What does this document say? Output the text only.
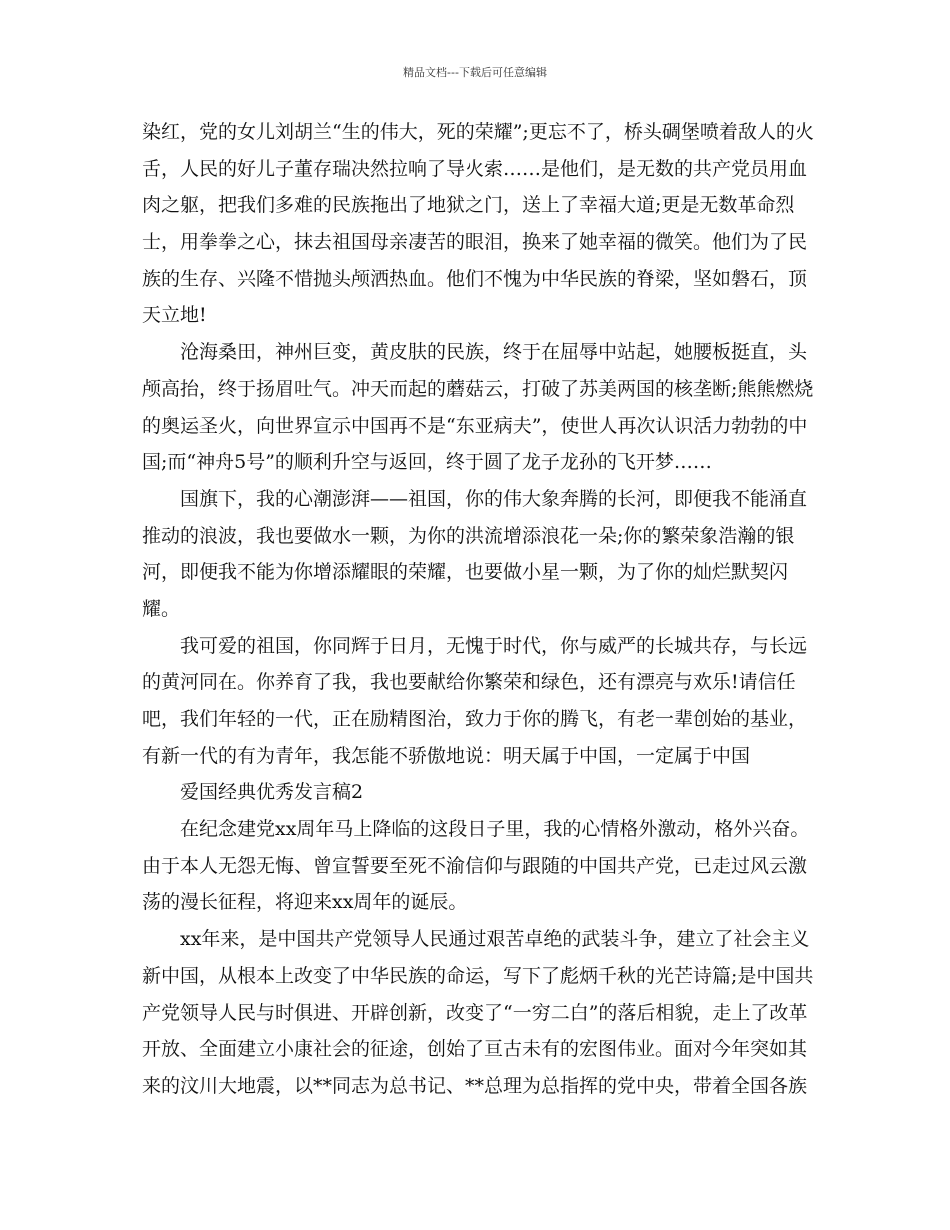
精品文档---下载后可任意编辑
染红，党的女儿刘胡兰“生的伟大，死的荣耀”;更忘不了，桥头碉堡喷着敌人的火
舌，人民的好儿子董存瑞决然拉响了导火索……是他们，是无数的共产党员用血
肉之躯，把我们多难的民族拖出了地狱之门，送上了幸福大道;更是无数革命烈
士，用拳拳之心，抹去祖国母亲凄苦的眼泪，换来了她幸福的微笑。他们为了民
族的生存、兴隆不惜抛头颅洒热血。他们不愧为中华民族的脊梁，坚如磐石，顶
天立地!
沧海桑田，神州巨变，黄皮肤的民族，终于在屈辱中站起，她腰板挺直，头
颅高抬，终于扬眉吐气。冲天而起的蘑菇云，打破了苏美两国的核垄断;熊熊燃烧
的奥运圣火，向世界宣示中国再不是“东亚病夫”，使世人再次认识活力勃勃的中
国;而“神舟5号”的顺利升空与返回，终于圆了龙子龙孙的飞开梦……
国旗下，我的心潮澎湃——祖国，你的伟大象奔腾的长河，即便我不能涌直
推动的浪波，我也要做水一颗，为你的洪流增添浪花一朵;你的繁荣象浩瀚的银
河，即便我不能为你增添耀眼的荣耀，也要做小星一颗，为了你的灿烂默契闪
耀。
我可爱的祖国，你同辉于日月，无愧于时代，你与威严的长城共存，与长远
的黄河同在。你养育了我，我也要献给你繁荣和绿色，还有漂亮与欢乐!请信任
吧，我们年轻的一代，正在励精图治，致力于你的腾飞，有老一辈创始的基业，
有新一代的有为青年，我怎能不骄傲地说：明天属于中国，一定属于中国
爱国经典优秀发言稿2
在纪念建党xx周年马上降临的这段日子里，我的心情格外激动，格外兴奋。
由于本人无怨无悔、曾宣誓要至死不渝信仰与跟随的中国共产党，已走过风云激
荡的漫长征程，将迎来xx周年的诞辰。
xx年来，是中国共产党领导人民通过艰苦卓绝的武装斗争，建立了社会主义
新中国，从根本上改变了中华民族的命运，写下了彪炳千秋的光芒诗篇;是中国共
产党领导人民与时俱进、开辟创新，改变了“一穷二白”的落后相貌，走上了改革
开放、全面建立小康社会的征途，创始了亘古未有的宏图伟业。面对今年突如其
来的汶川大地震，以**同志为总书记、**总理为总指挥的党中央，带着全国各族
